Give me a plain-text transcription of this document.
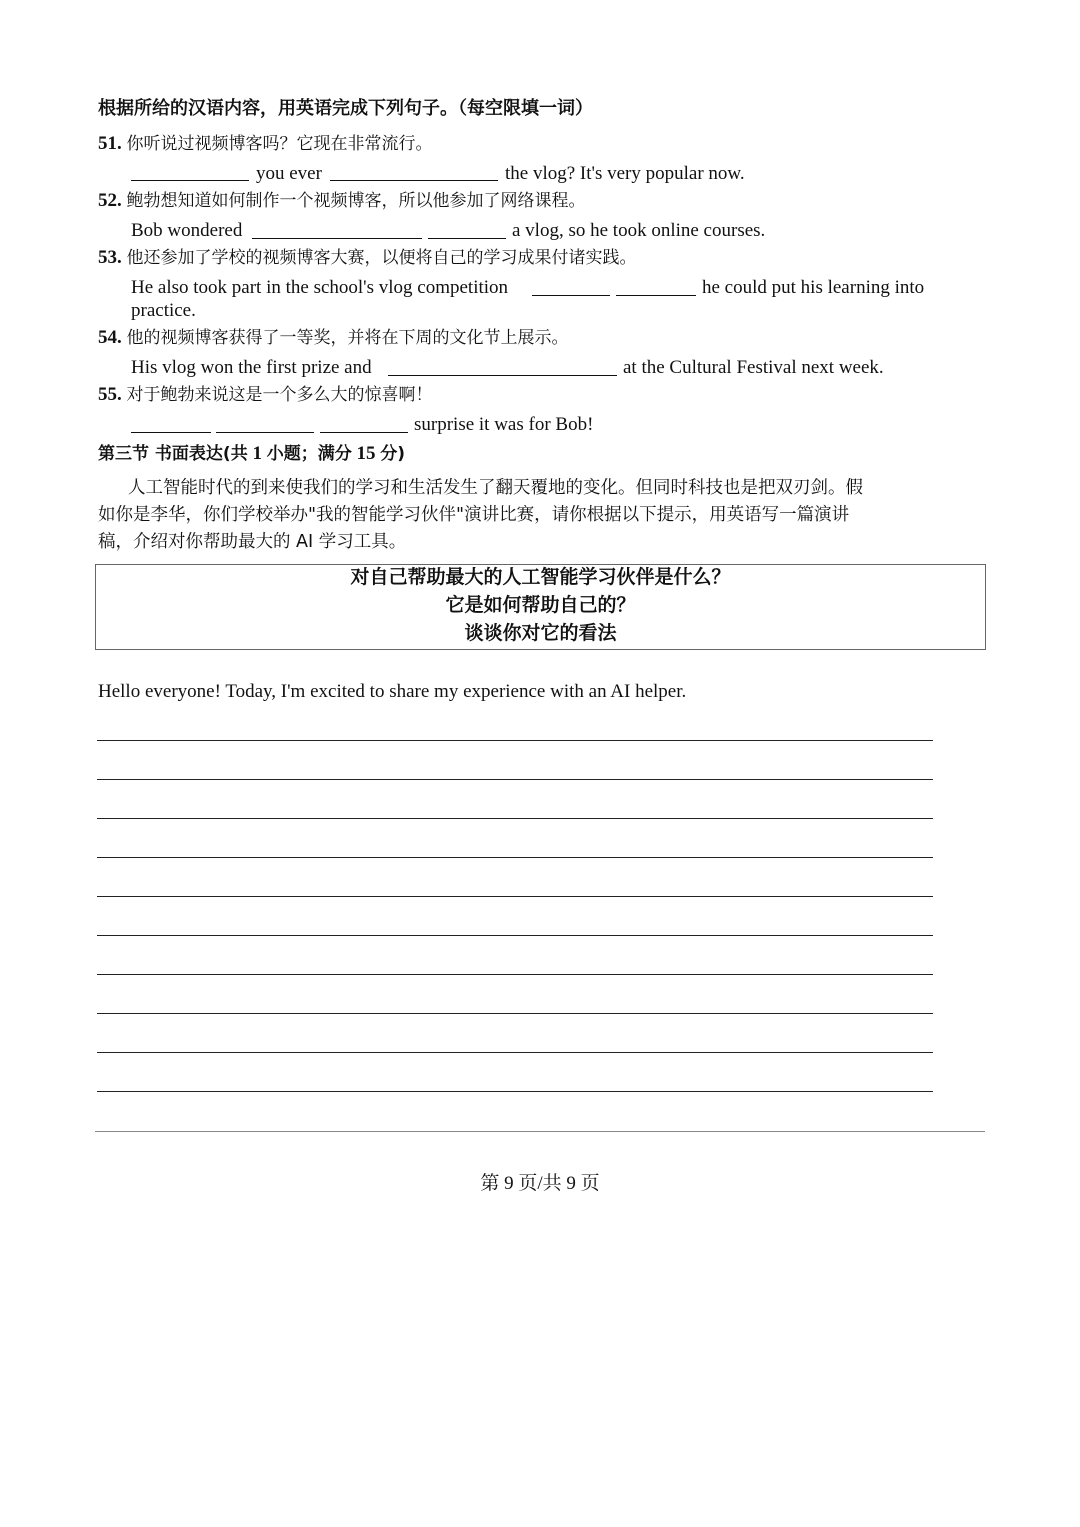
根据所给的汉语内容，用英语完成下列句子。（每空限填一词）
51. 你听说过视频博客吗？它现在非常流行。
you ever	the vlog? It's very popular now.
52. 鲍勃想知道如何制作一个视频博客，所以他参加了网络课程。
Bob wondered	a vlog, so he took online courses.
53. 他还参加了学校的视频博客大赛，以便将自己的学习成果付诸实践。
He also took part in the school's vlog competition	he could put his learning into
practice.
54. 他的视频博客获得了一等奖，并将在下周的文化节上展示。
His vlog won the first prize and	at the Cultural Festival next week.
55. 对于鲍勃来说这是一个多么大的惊喜啊！
surprise it was for Bob!
第三节 书面表达(共 1 小题；满分 15 分)
人工智能时代的到来使我们的学习和生活发生了翻天覆地的变化。但同时科技也是把双刃剑。假
如你是李华，你们学校举办"我的智能学习伙伴"演讲比赛，请你根据以下提示，用英语写一篇演讲
稿，介绍对你帮助最大的 AI 学习工具。
对自己帮助最大的人工智能学习伙伴是什么？
它是如何帮助自己的？
谈谈你对它的看法
Hello everyone! Today, I'm excited to share my experience with an AI helper.
第 9 页/共 9 页
